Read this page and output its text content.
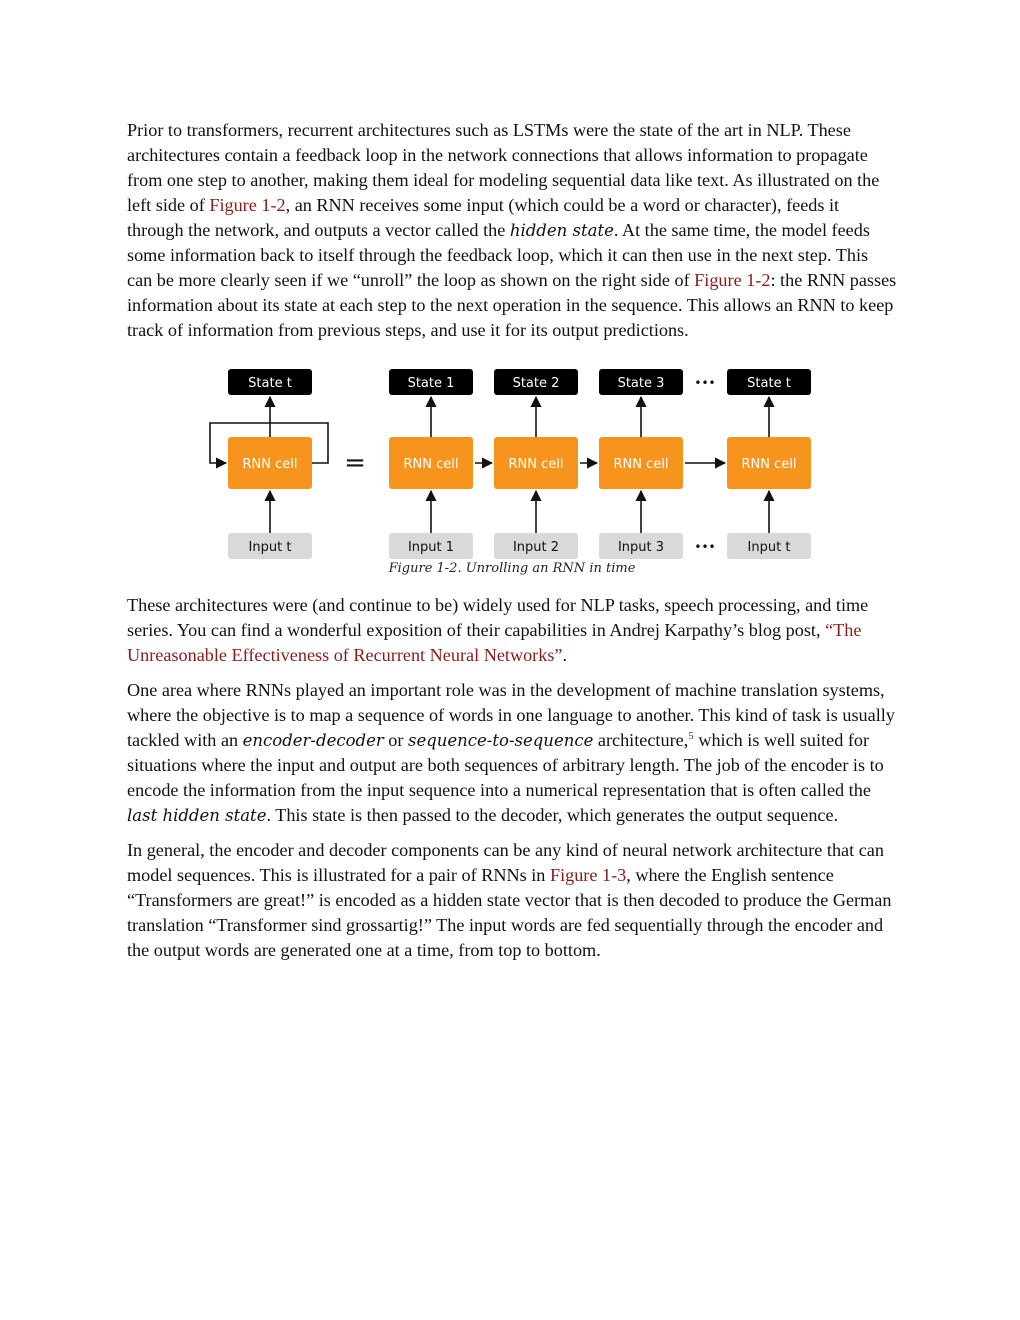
Prior to transformers, recurrent architectures such as LSTMs were the state of the art in NLP. These architectures contain a feedback loop in the network connections that allows information to propagate from one step to another, making them ideal for modeling sequential data like text. As illustrated on the left side of Figure 1-2, an RNN receives some input (which could be a word or character), feeds it through the network, and outputs a vector called the hidden state. At the same time, the model feeds some information back to itself through the feedback loop, which it can then use in the next step. This can be more clearly seen if we “unroll” the loop as shown on the right side of Figure 1-2: the RNN passes information about its state at each step to the next operation in the sequence. This allows an RNN to keep track of information from previous steps, and use it for its output predictions.

State t
RNN cell
Input t
=
State 1
RNN cell
Input 1
State 2
RNN cell
Input 2
State 3
RNN cell
Input 3
State t
RNN cell
Input t
•••
•••
Figure 1-2. Unrolling an RNN in time

These architectures were (and continue to be) widely used for NLP tasks, speech processing, and time series. You can find a wonderful exposition of their capabilities in Andrej Karpathy’s blog post, “The Unreasonable Effectiveness of Recurrent Neural Networks”.

One area where RNNs played an important role was in the development of machine translation systems, where the objective is to map a sequence of words in one language to another. This kind of task is usually tackled with an encoder-decoder or sequence-to-sequence architecture,$^5$ which is well suited for situations where the input and output are both sequences of arbitrary length. The job of the encoder is to encode the information from the input sequence into a numerical representation that is often called the last hidden state. This state is then passed to the decoder, which generates the output sequence.

In general, the encoder and decoder components can be any kind of neural network architecture that can model sequences. This is illustrated for a pair of RNNs in Figure 1-3, where the English sentence “Transformers are great!” is encoded as a hidden state vector that is then decoded to produce the German translation “Transformer sind grossartig!” The input words are fed sequentially through the encoder and the output words are generated one at a time, from top to bottom.
